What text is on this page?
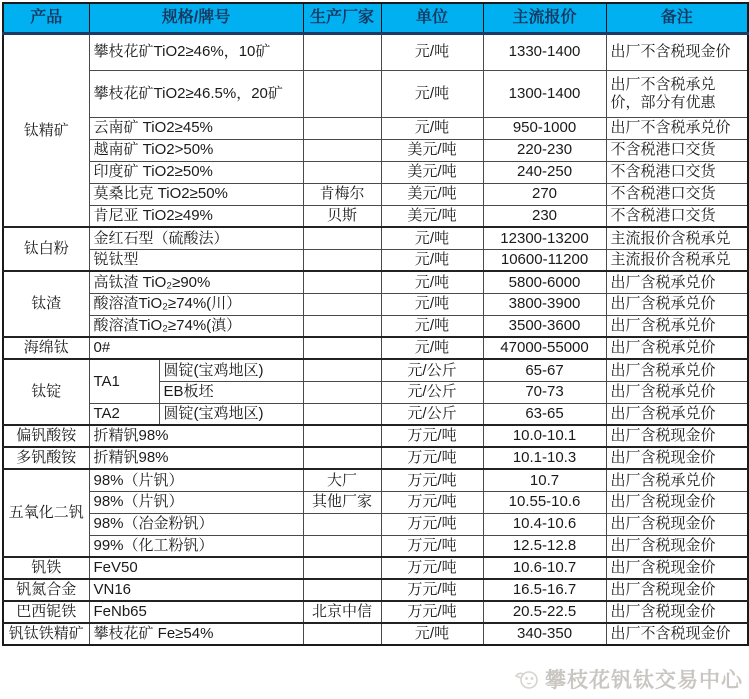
产品	规格/牌号		生产厂家	单位	主流报价	备注
钛精矿	攀枝花矿TiO2≥46%，10矿			元/吨	1330-1400	出厂不含税现金价
	攀枝花矿TiO2≥46.5%，20矿			元/吨	1300-1400	出厂不含税承兑价，部分有优惠
	云南矿 TiO2≥45%			元/吨	950-1000	出厂不含税承兑价
	越南矿 TiO2>50%			美元/吨	220-230	不含税港口交货
	印度矿 TiO2≥50%			美元/吨	240-250	不含税港口交货
	莫桑比克 TiO2≥50%		肯梅尔	美元/吨	270	不含税港口交货
	肯尼亚 TiO2≥49%		贝斯	美元/吨	230	不含税港口交货
钛白粉	金红石型（硫酸法）			元/吨	12300-13200	主流报价含税承兑
	锐钛型			元/吨	10600-11200	主流报价含税承兑
钛渣	高钛渣 TiO₂≥90%			元/吨	5800-6000	出厂含税承兑价
	酸溶渣TiO₂≥74%(川）			元/吨	3800-3900	出厂含税承兑价
	酸溶渣TiO₂≥74%(滇）			元/吨	3500-3600	出厂含税承兑价
海绵钛	0#			元/吨	47000-55000	出厂含税承兑价
钛锭	TA1	圆锭(宝鸡地区)		元/公斤	65-67	出厂含税承兑价
		EB板坯		元/公斤	70-73	出厂含税承兑价
	TA2	圆锭(宝鸡地区)		元/公斤	63-65	出厂含税承兑价
偏钒酸铵	折精钒98%			万元/吨	10.0-10.1	出厂含税现金价
多钒酸铵	折精钒98%			万元/吨	10.1-10.3	出厂含税现金价
五氧化二钒	98%（片钒）		大厂	万元/吨	10.7	出厂含税承兑价
	98%（片钒）		其他厂家	万元/吨	10.55-10.6	出厂含税现金价
	98%（冶金粉钒）			万元/吨	10.4-10.6	出厂含税现金价
	99%（化工粉钒）			万元/吨	12.5-12.8	出厂含税现金价
钒铁	FeV50			万元/吨	10.6-10.7	出厂含税现金价
钒氮合金	VN16			万元/吨	16.5-16.7	出厂含税现金价
巴西铌铁	FeNb65		北京中信	万元/吨	20.5-22.5	出厂含税现金价
钒钛铁精矿	攀枝花矿 Fe≥54%			元/吨	340-350	出厂不含税现金价
攀枝花钒钛交易中心
